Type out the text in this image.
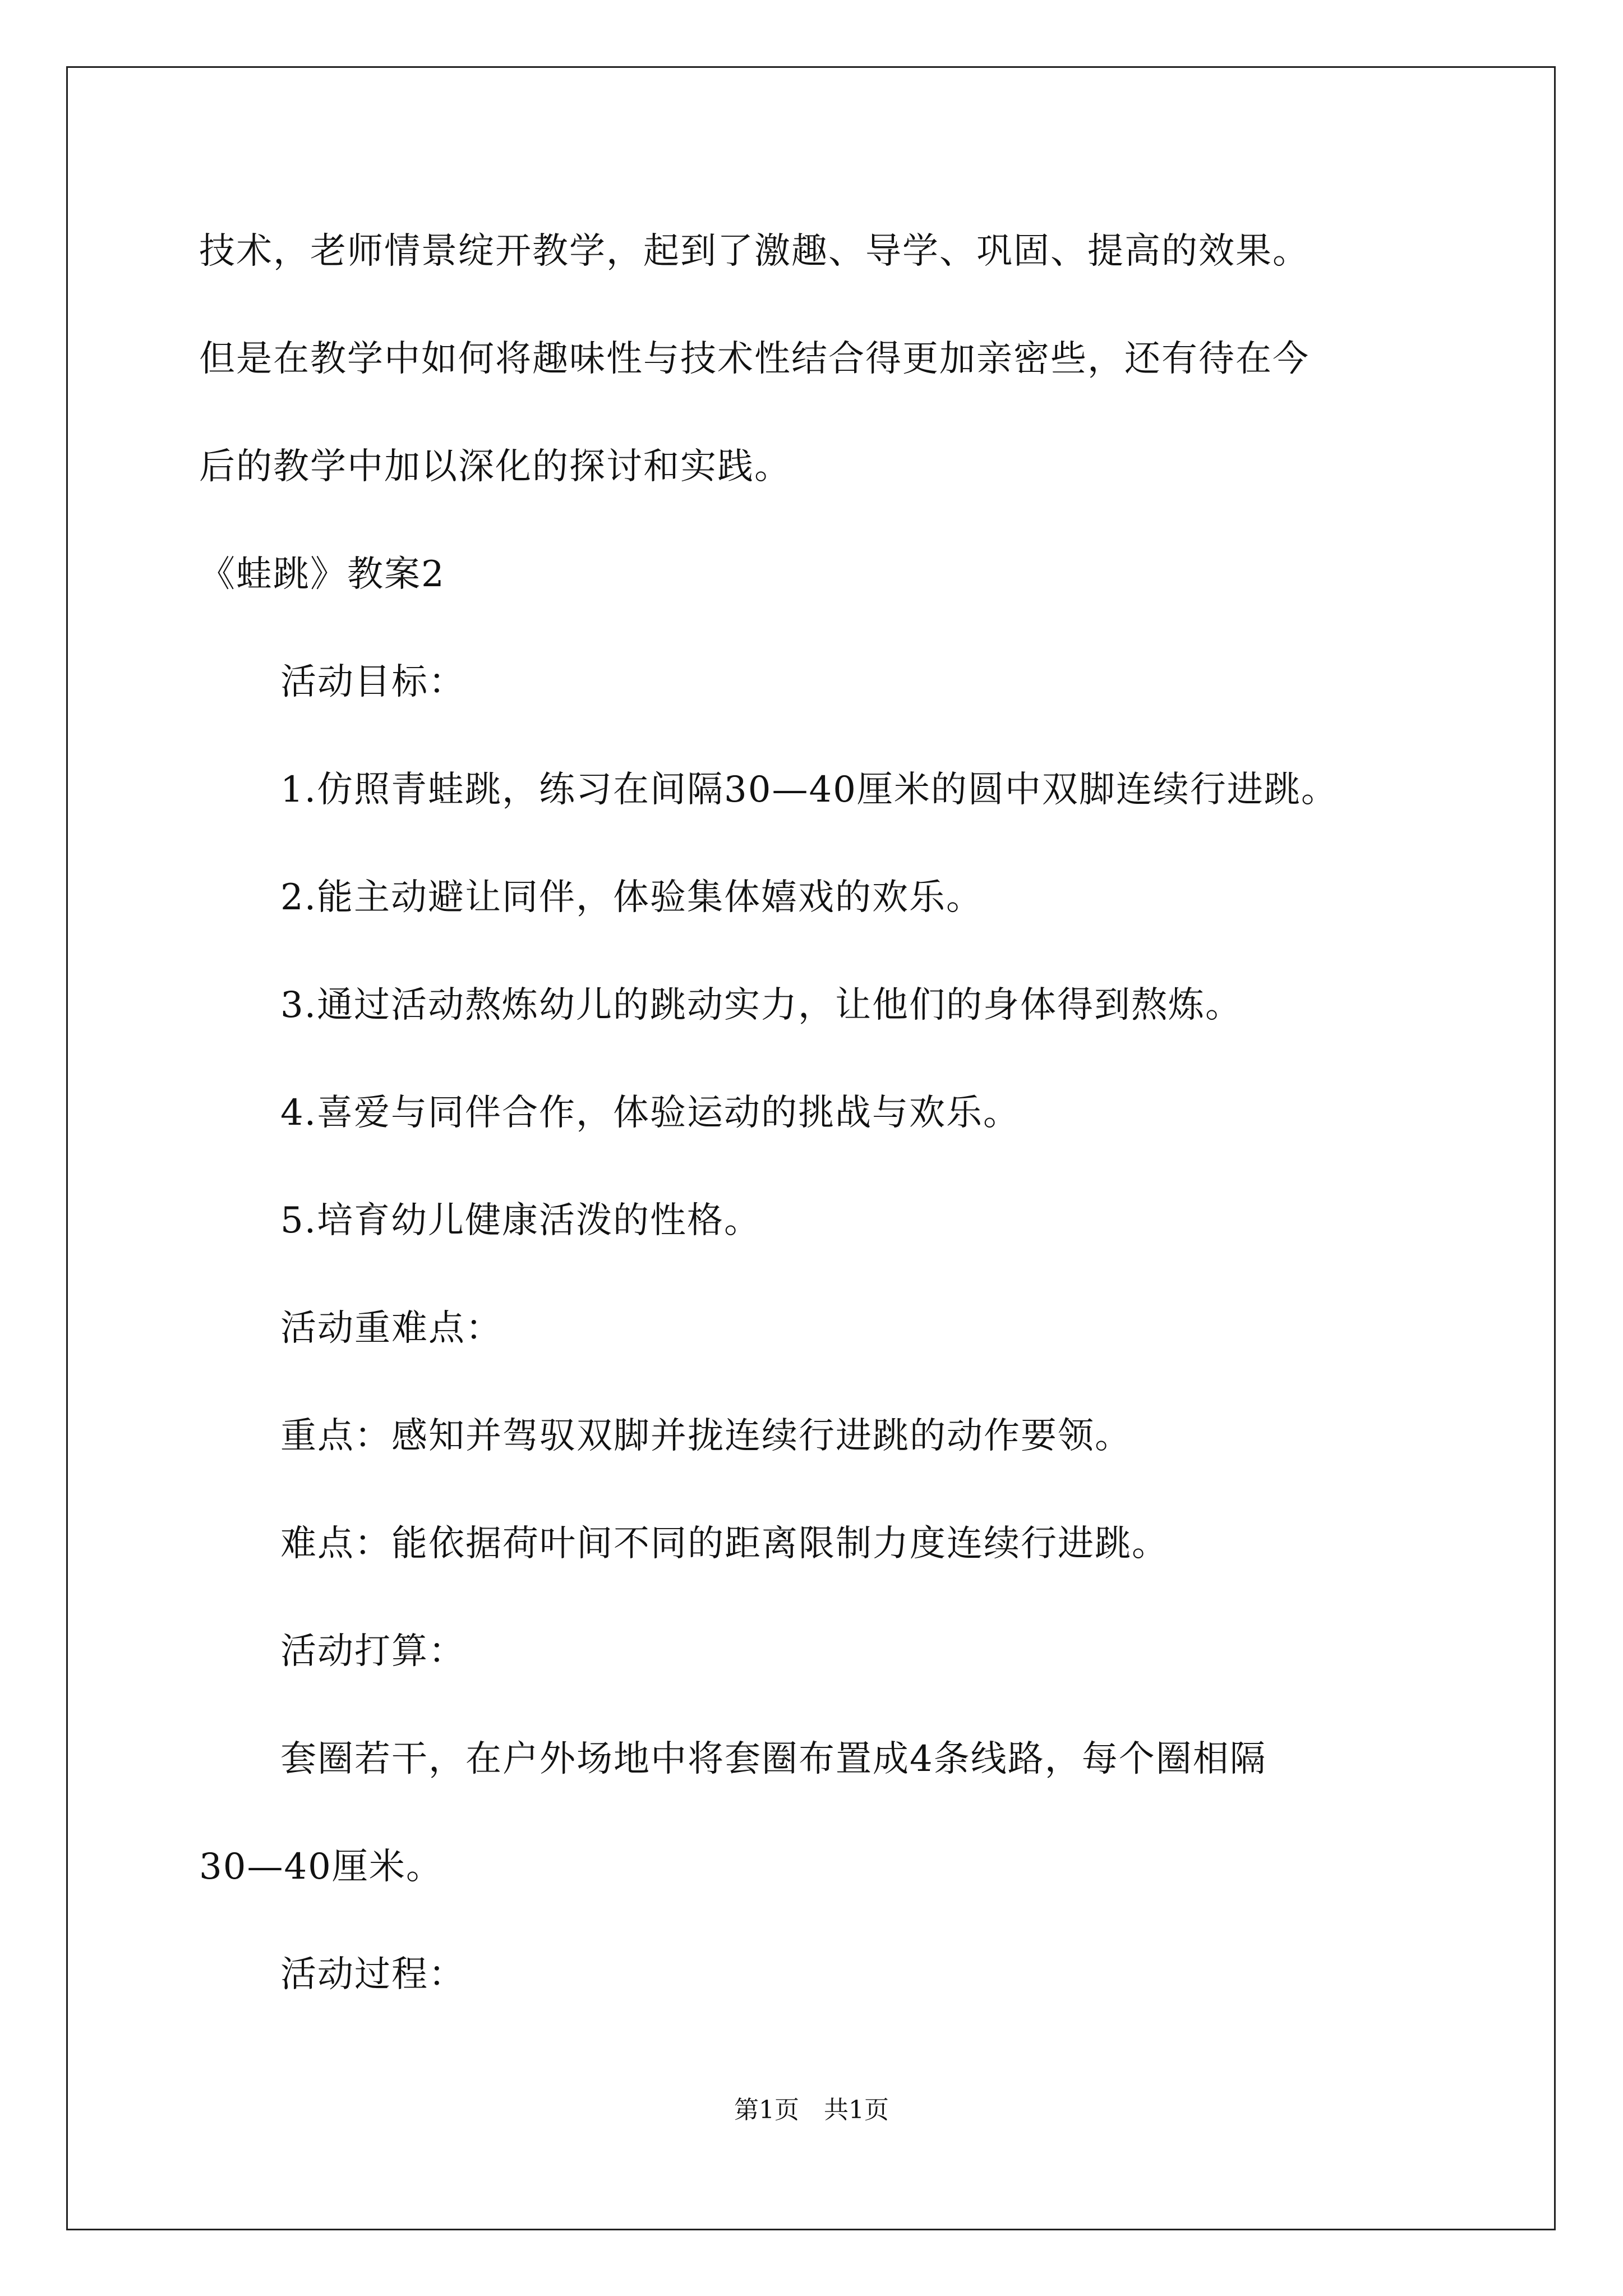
技术，老师情景绽开教学，起到了激趣、导学、巩固、提高的效果。
但是在教学中如何将趣味性与技术性结合得更加亲密些，还有待在今
后的教学中加以深化的探讨和实践。
《蛙跳》教案2
活动目标：
1.仿照青蛙跳，练习在间隔30—40厘米的圆中双脚连续行进跳。
2.能主动避让同伴，体验集体嬉戏的欢乐。
3.通过活动熬炼幼儿的跳动实力，让他们的身体得到熬炼。
4.喜爱与同伴合作，体验运动的挑战与欢乐。
5.培育幼儿健康活泼的性格。
活动重难点：
重点：感知并驾驭双脚并拢连续行进跳的动作要领。
难点：能依据荷叶间不同的距离限制力度连续行进跳。
活动打算：
套圈若干，在户外场地中将套圈布置成4条线路，每个圈相隔
30—40厘米。
活动过程：
第1页　共1页
